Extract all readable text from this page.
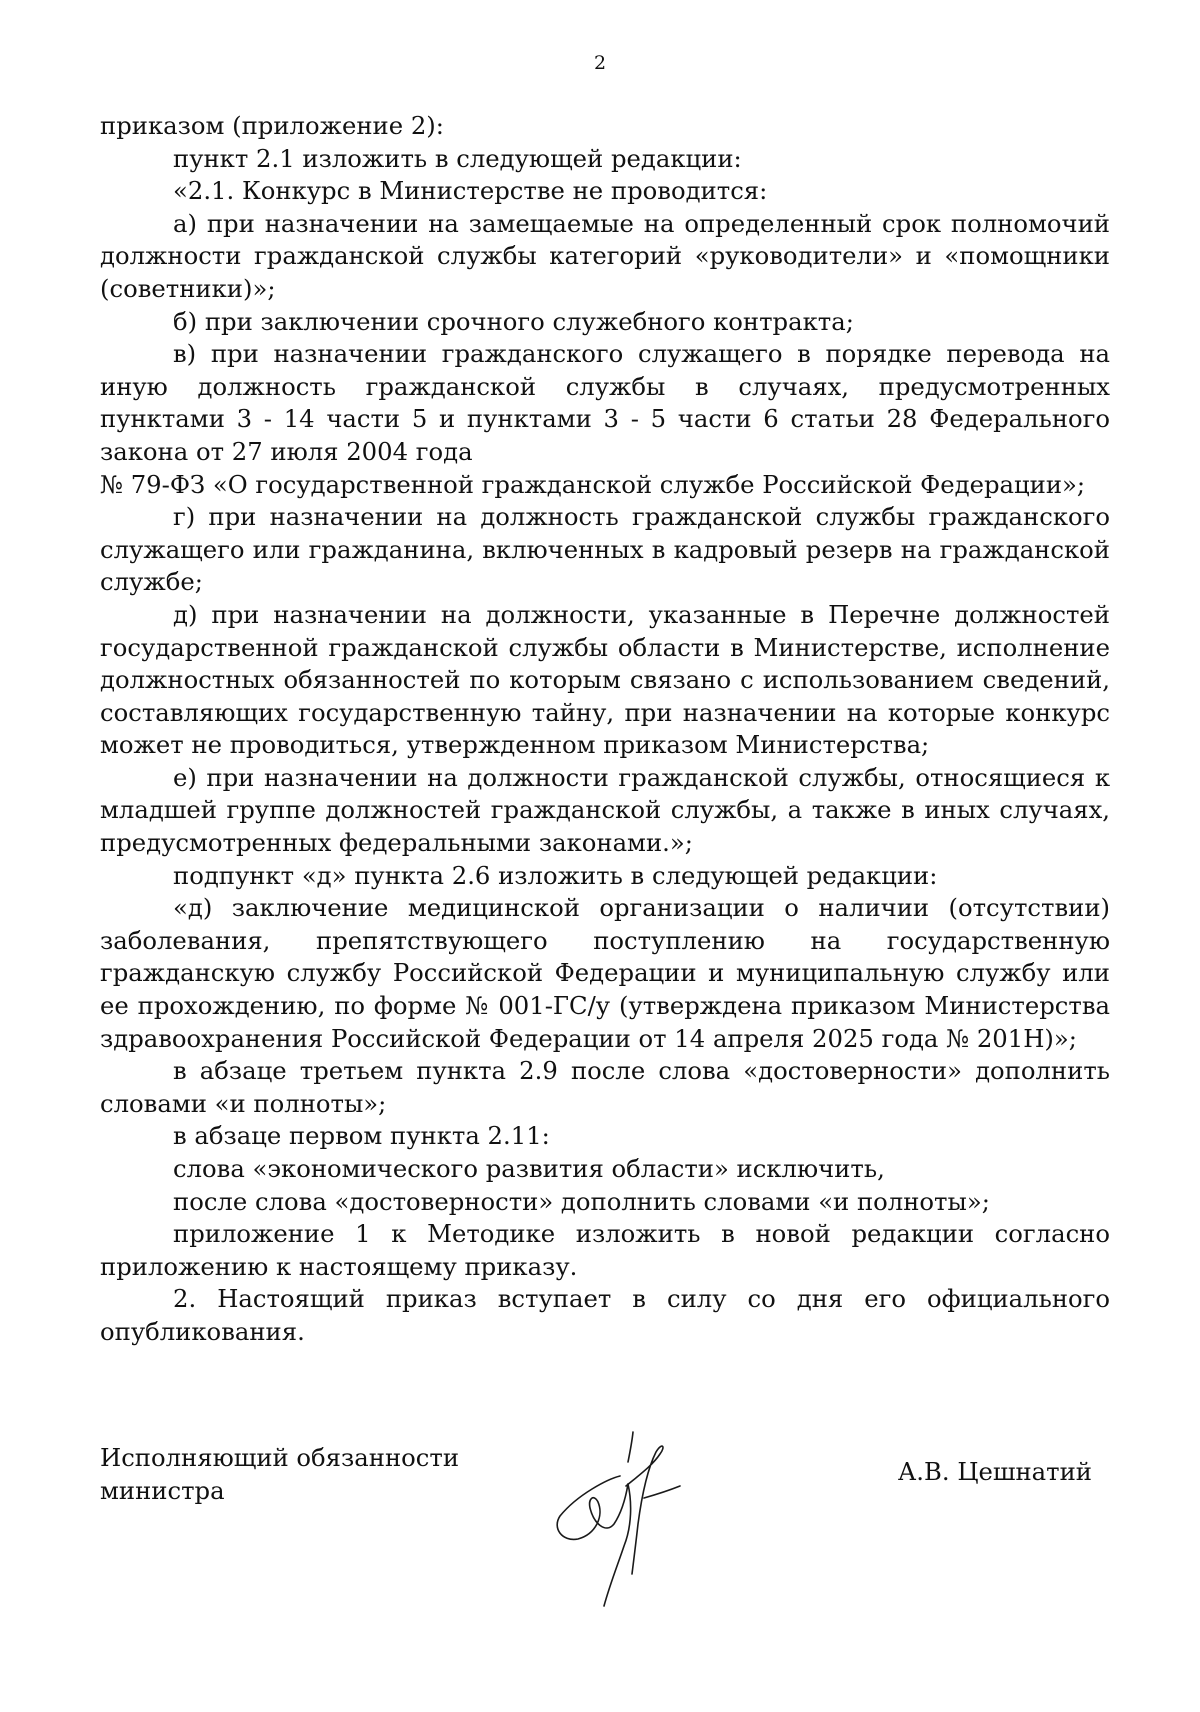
2

приказом (приложение 2):

пункт 2.1 изложить в следующей редакции:

«2.1. Конкурс в Министерстве не проводится:

а) при назначении на замещаемые на определенный срок полномочий должности гражданской службы категорий «руководители» и «помощники (советники)»;

б) при заключении срочного служебного контракта;

в) при назначении гражданского служащего в порядке перевода на иную должность гражданской службы в случаях, предусмотренных пунктами 3 - 14 части 5 и пунктами 3 - 5 части 6 статьи 28 Федерального закона от 27 июля 2004 года

№ 79-ФЗ «О государственной гражданской службе Российской Федерации»;

г) при назначении на должность гражданской службы гражданского служащего или гражданина, включенных в кадровый резерв на гражданской службе;

д) при назначении на должности, указанные в Перечне должностей государственной гражданской службы области в Министерстве, исполнение должностных обязанностей по которым связано с использованием сведений, составляющих государственную тайну, при назначении на которые конкурс может не проводиться, утвержденном приказом Министерства;

е) при назначении на должности гражданской службы, относящиеся к младшей группе должностей гражданской службы, а также в иных случаях, предусмотренных федеральными законами.»;

подпункт «д» пункта 2.6 изложить в следующей редакции:

«д) заключение медицинской организации о наличии (отсутствии) заболевания, препятствующего поступлению на государственную гражданскую службу Российской Федерации и муниципальную службу или ее прохождению, по форме № 001-ГС/у (утверждена приказом Министерства здравоохранения Российской Федерации от 14 апреля 2025 года № 201Н)»;

в абзаце третьем пункта 2.9 после слова «достоверности» дополнить словами «и полноты»;

в абзаце первом пункта 2.11:

слова «экономического развития области» исключить,

после слова «достоверности» дополнить словами «и полноты»;

приложение 1 к Методике изложить в новой редакции согласно приложению к настоящему приказу.

2. Настоящий приказ вступает в силу со дня его официального опубликования.

Исполняющий обязанности
министра
А.В. Цешнатий
